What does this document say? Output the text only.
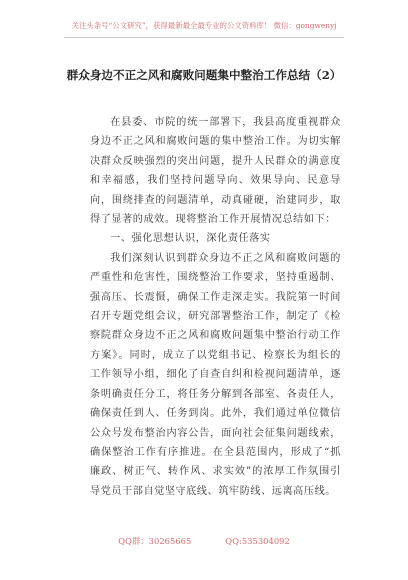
关注头条号“公文研究”，获得最新最全最专业的公文资料库！ 微信：gongwenyj
群众身边不正之风和腐败问题集中整治工作总结（2）

在县委、市院的统一部署下，我县高度重视群众身边不正之风和腐败问题的集中整治工作。为切实解决群众反映强烈的突出问题，提升人民群众的满意度和幸福感，我们坚持问题导向、效果导向、民意导向，围绕排查的问题清单，动真碰硬，治建同步，取得了显著的成效。现将整治工作开展情况总结如下：

一、强化思想认识，深化责任落实

我们深刻认识到群众身边不正之风和腐败问题的严重性和危害性，围绕整治工作要求，坚持重遏制、强高压、长震慑，确保工作走深走实。我院第一时间召开专题党组会议，研究部署整治工作，制定了《检察院群众身边不正之风和腐败问题集中整治行动工作方案》。同时，成立了以党组书记、检察长为组长的工作领导小组，细化了自查自纠和检视问题清单，逐条明确责任分工，将任务分解到各部室、各责任人，确保责任到人、任务到岗。此外，我们通过单位微信公众号发布整治内容公告，面向社会征集问题线索，确保整治工作有序推进。在全县范围内，形成了“抓廉政、树正气、转作风、求实效”的浓厚工作氛围引导党员干部自觉坚守底线、筑牢防线、远离高压线。

QQ群：30265665	QQ:535304092
